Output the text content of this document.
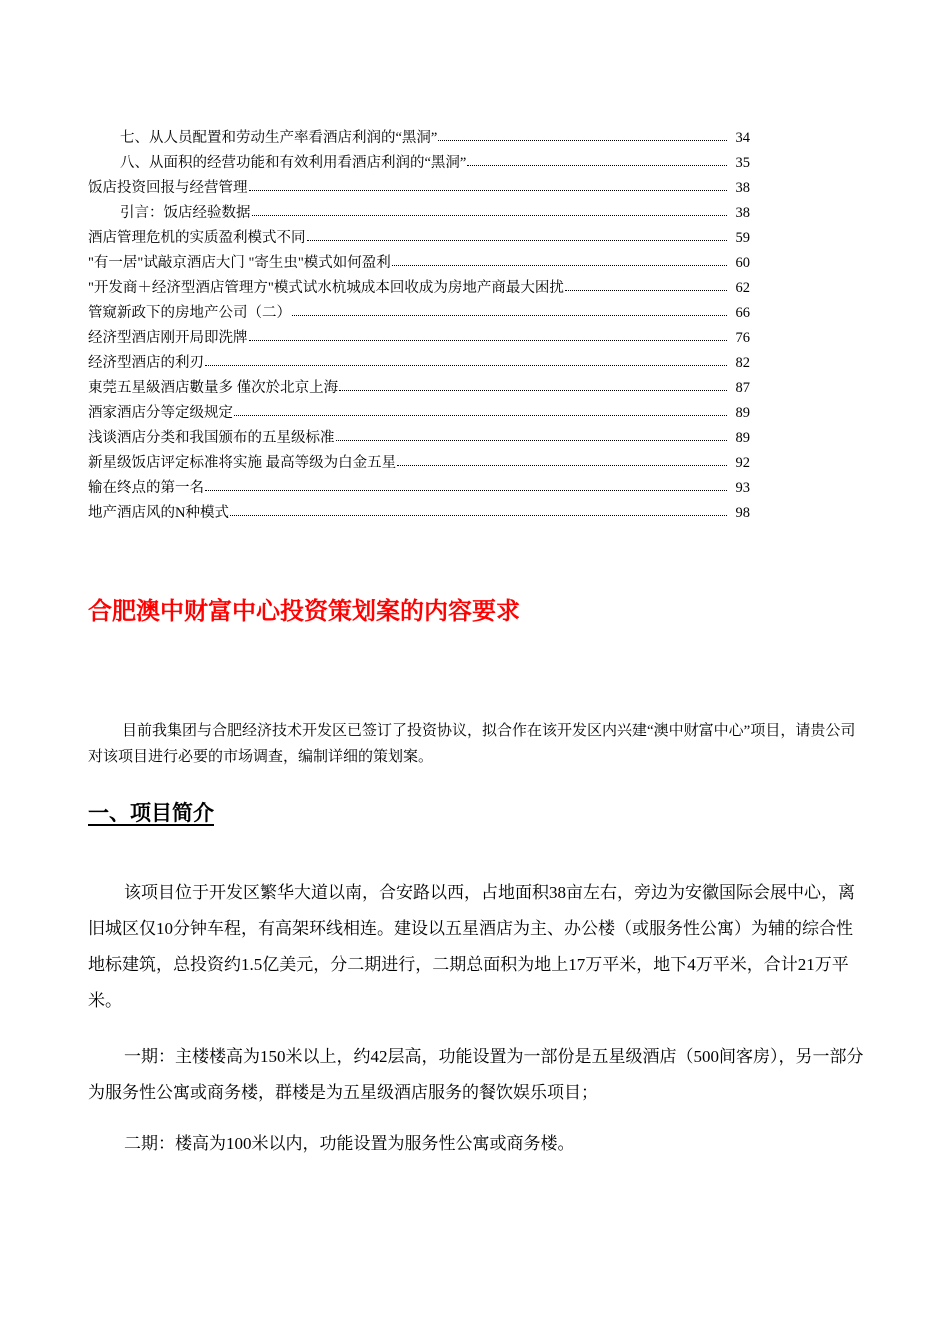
七、从人员配置和劳动生产率看酒店利润的“黑洞”	34
八、从面积的经营功能和有效利用看酒店利润的“黑洞”	35
饭店投资回报与经营管理	38
引言：饭店经验数据	38
酒店管理危机的实质盈利模式不同	59
"有一居"试敲京酒店大门 "寄生虫"模式如何盈利	60
"开发商＋经济型酒店管理方"模式试水杭城成本回收成为房地产商最大困扰	62
管窥新政下的房地产公司（二）	66
经济型酒店刚开局即洗牌	76
经济型酒店的利刃	82
東莞五星級酒店數量多 僅次於北京上海	87
酒家酒店分等定级规定	89
浅谈酒店分类和我国颁布的五星级标准	89
新星级饭店评定标准将实施 最高等级为白金五星	92
输在终点的第一名	93
地产酒店风的N种模式	98
合肥澳中财富中心投资策划案的内容要求

目前我集团与合肥经济技术开发区已签订了投资协议，拟合作在该开发区内兴建“澳中财富中心”项目，请贵公司对该项目进行必要的市场调查，编制详细的策划案。

一、项目简介

该项目位于开发区繁华大道以南，合安路以西，占地面积38亩左右，旁边为安徽国际会展中心，离旧城区仅10分钟车程，有高架环线相连。建设以五星酒店为主、办公楼（或服务性公寓）为辅的综合性地标建筑，总投资约1.5亿美元，分二期进行，二期总面积为地上17万平米，地下4万平米，合计21万平米。

一期：主楼楼高为150米以上，约42层高，功能设置为一部份是五星级酒店（500间客房），另一部分为服务性公寓或商务楼，群楼是为五星级酒店服务的餐饮娱乐项目；

二期：楼高为100米以内，功能设置为服务性公寓或商务楼。
